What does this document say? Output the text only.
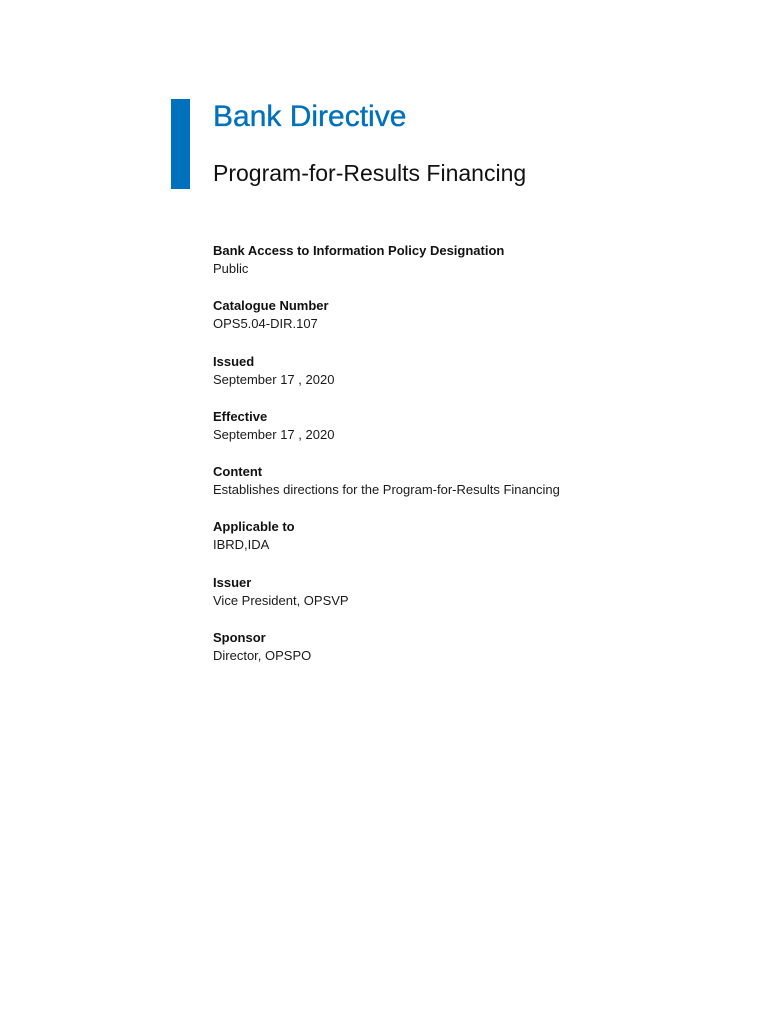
Bank Directive
Program-for-Results Financing
Bank Access to Information Policy Designation
Public
Catalogue Number
OPS5.04-DIR.107
Issued
September 17 , 2020
Effective
September 17 , 2020
Content
Establishes directions for the Program-for-Results Financing
Applicable to
IBRD,IDA
Issuer
Vice President, OPSVP
Sponsor
Director, OPSPO
